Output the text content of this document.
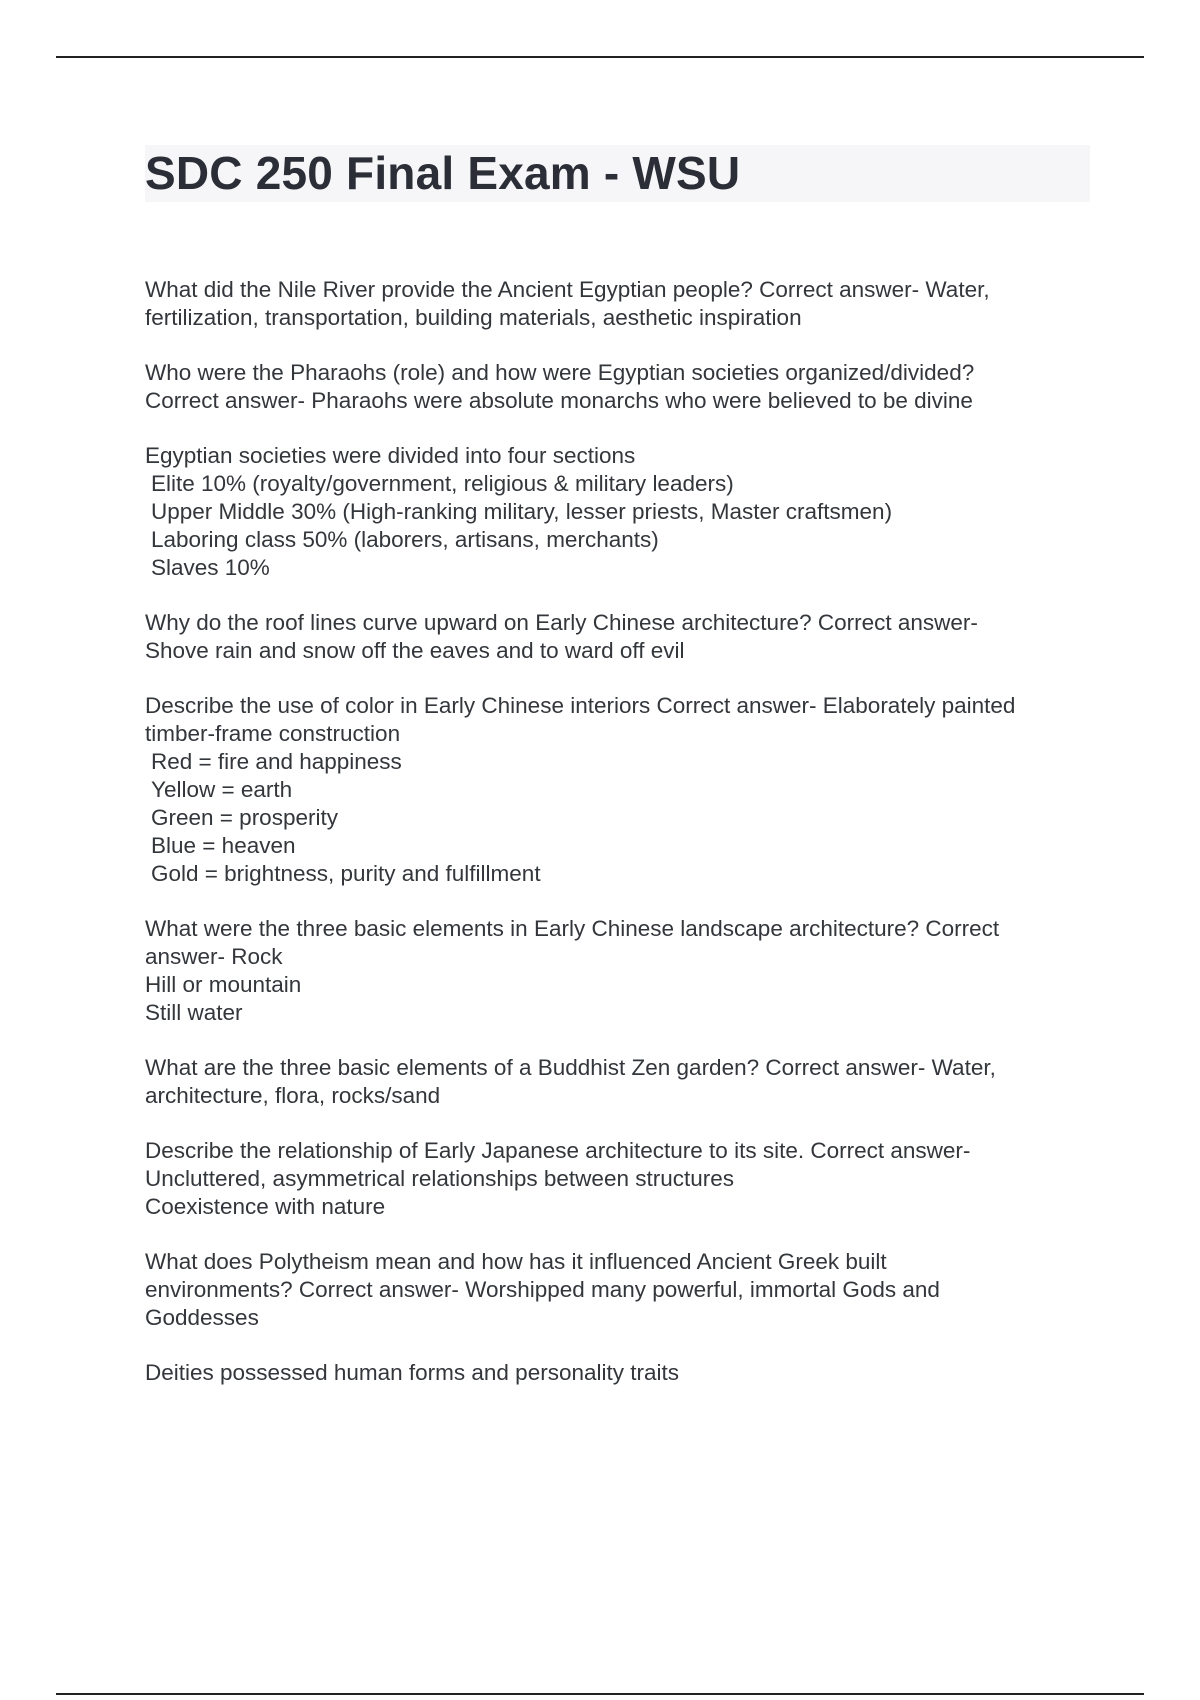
SDC 250 Final Exam - WSU
What did the Nile River provide the Ancient Egyptian people? Correct answer- Water,
fertilization, transportation, building materials, aesthetic inspiration
Who were the Pharaohs (role) and how were Egyptian societies organized/divided?
Correct answer- Pharaohs were absolute monarchs who were believed to be divine
Egyptian societies were divided into four sections
Elite 10% (royalty/government, religious & military leaders)
Upper Middle 30% (High-ranking military, lesser priests, Master craftsmen)
Laboring class 50% (laborers, artisans, merchants)
Slaves 10%
Why do the roof lines curve upward on Early Chinese architecture? Correct answer-
Shove rain and snow off the eaves and to ward off evil
Describe the use of color in Early Chinese interiors Correct answer- Elaborately painted
timber-frame construction
Red = fire and happiness
Yellow = earth
Green = prosperity
Blue = heaven
Gold = brightness, purity and fulfillment
What were the three basic elements in Early Chinese landscape architecture? Correct
answer- Rock
Hill or mountain
Still water
What are the three basic elements of a Buddhist Zen garden? Correct answer- Water,
architecture, flora, rocks/sand
Describe the relationship of Early Japanese architecture to its site. Correct answer-
Uncluttered, asymmetrical relationships between structures
Coexistence with nature
What does Polytheism mean and how has it influenced Ancient Greek built
environments? Correct answer- Worshipped many powerful, immortal Gods and
Goddesses
Deities possessed human forms and personality traits
